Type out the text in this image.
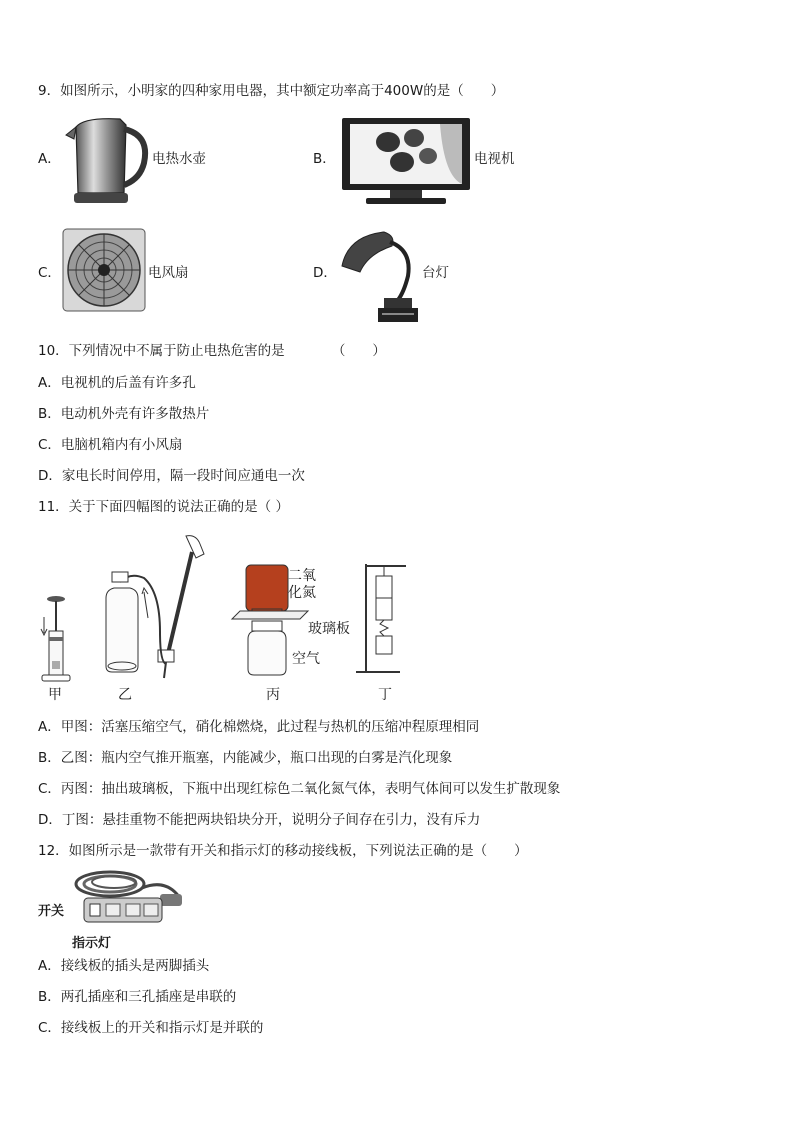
9．如图所示，小明家的四种家用电器，其中额定功率高于400W的是（　　）
A．	电热水壶	B．	电视机
C．	电风扇	D．	台灯
10．下列情况中不属于防止电热危害的是　　　　（　　）
A．电视机的后盖有许多孔
B．电动机外壳有许多散热片
C．电脑机箱内有小风扇
D．家电长时间停用，隔一段时间应通电一次
11．关于下面四幅图的说法正确的是（ ）
甲	乙
二氧
化氮
玻璃板
空气
丙	丁
A．甲图：活塞压缩空气，硝化棉燃烧，此过程与热机的压缩冲程原理相同
B．乙图：瓶内空气推开瓶塞，内能减少，瓶口出现的白雾是汽化现象
C．丙图：抽出玻璃板，下瓶中出现红棕色二氧化氮气体，表明气体间可以发生扩散现象
D．丁图：悬挂重物不能把两块铅块分开，说明分子间存在引力，没有斥力
12．如图所示是一款带有开关和指示灯的移动接线板，下列说法正确的是（　　）
开关
指示灯
A．接线板的插头是两脚插头
B．两孔插座和三孔插座是串联的
C．接线板上的开关和指示灯是并联的
